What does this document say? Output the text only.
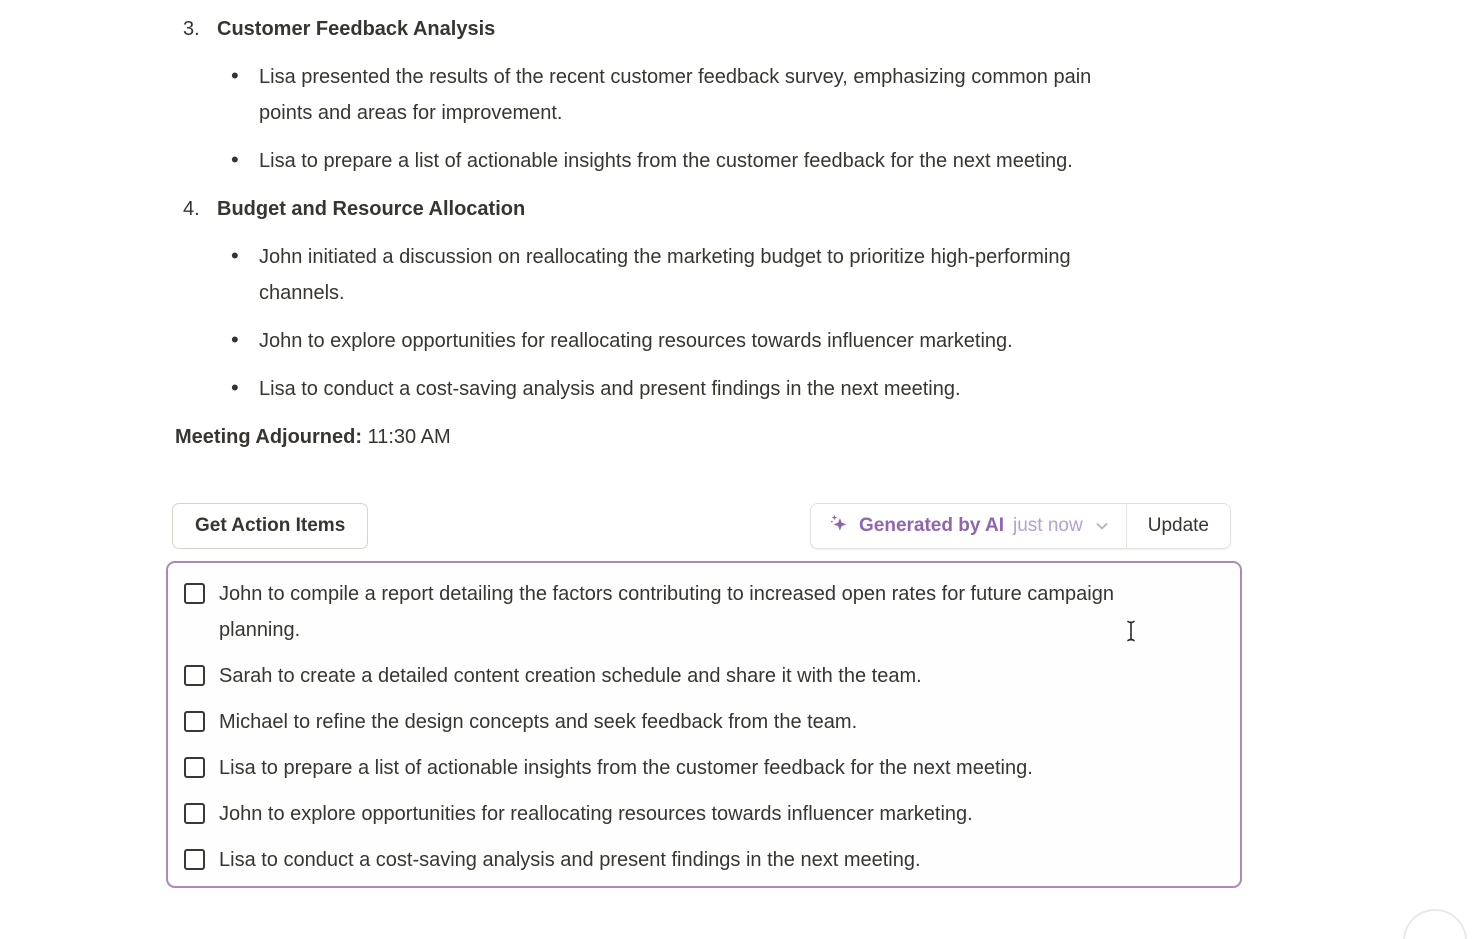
3. Customer Feedback Analysis
• Lisa presented the results of the recent customer feedback survey, emphasizing common pain points and areas for improvement.
• Lisa to prepare a list of actionable insights from the customer feedback for the next meeting.
4. Budget and Resource Allocation
• John initiated a discussion on reallocating the marketing budget to prioritize high-performing channels.
• John to explore opportunities for reallocating resources towards influencer marketing.
• Lisa to conduct a cost-saving analysis and present findings in the next meeting.
Meeting Adjourned: 11:30 AM
Get Action Items	Generated by AI just now	Update
John to compile a report detailing the factors contributing to increased open rates for future campaign planning.
Sarah to create a detailed content creation schedule and share it with the team.
Michael to refine the design concepts and seek feedback from the team.
Lisa to prepare a list of actionable insights from the customer feedback for the next meeting.
John to explore opportunities for reallocating resources towards influencer marketing.
Lisa to conduct a cost-saving analysis and present findings in the next meeting.
